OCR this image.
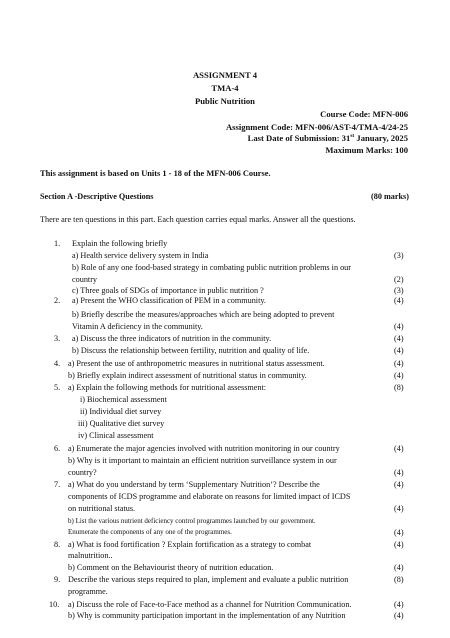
ASSIGNMENT 4
TMA-4
Public Nutrition
Course Code: MFN-006
Assignment Code: MFN-006/AST-4/TMA-4/24-25
Last Date of Submission: 31st January, 2025
Maximum Marks: 100
This assignment is based on Units 1 - 18 of the MFN-006 Course.
Section A -Descriptive Questions	(80 marks)
There are ten questions in this part. Each question carries equal marks. Answer all the questions.
1.
2.
3.
4.
5.
6.
7.
8.
9.
10.
Explain the following briefly
a) Health service delivery system in India
b) Role of any one food-based strategy in combating public nutrition problems in our
country
c) Three goals of SDGs of importance in public nutrition ?
a) Present the WHO classification of PEM in a community.
b) Briefly describe the measures/approaches which are being adopted to prevent
Vitamin A deficiency in the community.
a) Discuss the three indicators of nutrition in the community.
b) Discuss the relationship between fertility, nutrition and quality of life.
a) Present the use of anthropometric measures in nutritional status assessment.
b) Briefly explain indirect assessment of nutritional status in community.
a) Explain the following methods for nutritional assessment:
i) Biochemical assessment
ii) Individual diet survey
iii) Qualitative diet survey
iv) Clinical assessment
a) Enumerate the major agencies involved with nutrition monitoring in our country
b) Why is it important to maintain an efficient nutrition surveillance system in our
country?
a) What do you understand by term ‘Supplementary Nutrition’? Describe the
components of ICDS programme and elaborate on reasons for limited impact of ICDS
on nutritional status.
b) List the various nutrient deficiency control programmes launched by our government.
Enumerate the components of any one of the programmes.
a) What is food fortification ? Explain fortification as a strategy to combat
malnutrition..
b) Comment on the Behaviourist theory of nutrition education.
Describe the various steps required to plan, implement and evaluate a public nutrition
programme.
a) Discuss the role of Face-to-Face method as a channel for Nutrition Communication.
b) Why is community participation important in the implementation of any Nutrition
(3)
(2)
(3)
(4)
(4)
(4)
(4)
(4)
(4)
(8)
(4)
(4)
(4)
(4)
(4)
(4)
(4)
(8)
(4)
(4)
